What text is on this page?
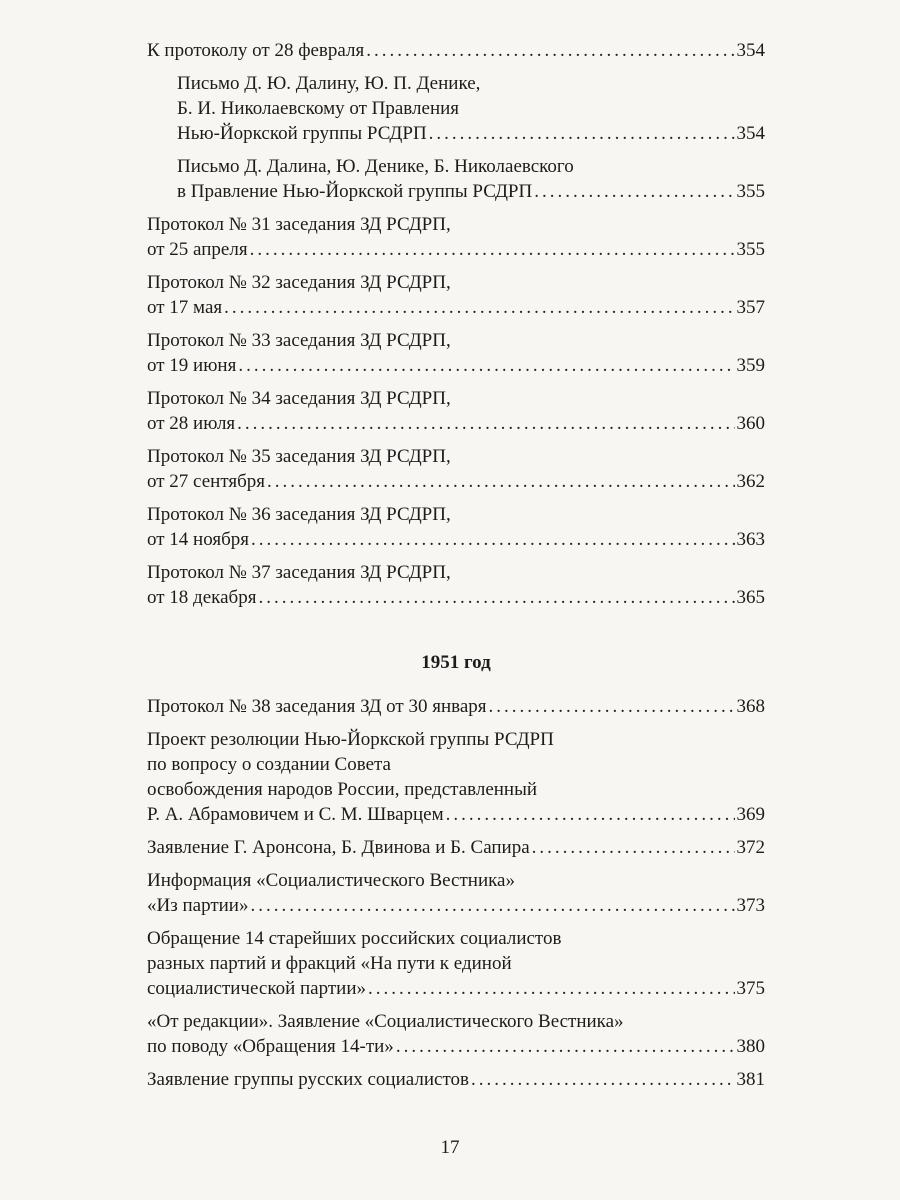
К протоколу от 28 февраля .....	354
Письмо Д. Ю. Далину, Ю. П. Денике,
Б. И. Николаевскому от Правления
Нью-Йоркской группы РСДРП .....	354
Письмо Д. Далина, Ю. Денике, Б. Николаевского
в Правление Нью-Йоркской группы РСДРП .....	355
Протокол № 31 заседания ЗД РСДРП,
от 25 апреля .....	355
Протокол № 32 заседания ЗД РСДРП,
от 17 мая .....	357
Протокол № 33 заседания ЗД РСДРП,
от 19 июня .....	359
Протокол № 34 заседания ЗД РСДРП,
от 28 июля .....	360
Протокол № 35 заседания ЗД РСДРП,
от 27 сентября .....	362
Протокол № 36 заседания ЗД РСДРП,
от 14 ноября .....	363
Протокол № 37 заседания ЗД РСДРП,
от 18 декабря .....	365
1951 год
Протокол № 38 заседания ЗД от 30 января .....	368
Проект резолюции Нью-Йоркской группы РСДРП
по вопросу о создании Совета
освобождения народов России, представленный
Р. А. Абрамовичем и С. М. Шварцем .....	369
Заявление Г. Аронсона, Б. Двинова и Б. Сапира .....	372
Информация «Социалистического Вестника»
«Из партии» .....	373
Обращение 14 старейших российских социалистов
разных партий и фракций «На пути к единой
социалистической партии» .....	375
«От редакции». Заявление «Социалистического Вестника»
по поводу «Обращения 14-ти» .....	380
Заявление группы русских социалистов .....	381
17
